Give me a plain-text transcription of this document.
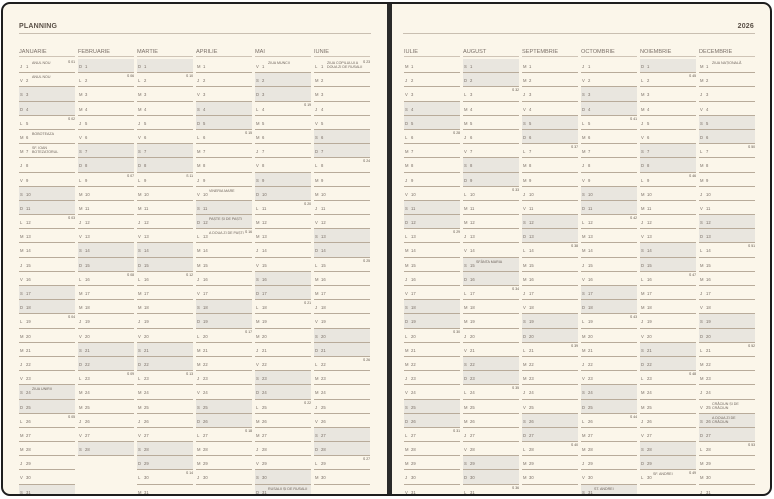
PLANNING	2026
JANUARIE
J 1
ANUL NOU	S 01
V 2
ANUL NOU
S 3
D 4
L 5
S 02
M 6
BOBOTEAZA
M 7
SF. IOAN BOTEZATORUL
J 8
V 9
S 10
D 11
L 12
S 03
M 13
M 14
J 15
V 16
S 17
D 18
L 19
S 04
M 20
M 21
J 22
V 23
S 24
ZIUA UNIRII
D 25
L 26
S 05
M 27
M 28
J 29
V 30
S 31
FEBRUARIE
D 1
L 2
S 06
M 3
M 4
J 5
V 6
S 7
D 8
L 9
S 07
M 10
M 11
J 12
V 13
S 14
D 15
L 16
S 08
M 17
M 18
J 19
V 20
S 21
D 22
L 23
S 09
M 24
M 25
J 26
V 27
S 28
MARTIE
D 1
L 2
S 10
M 3
M 4
J 5
V 6
S 7
D 8
L 9
S 11
M 10
M 11
J 12
V 13
S 14
D 15
L 16
S 12
M 17
M 18
J 19
V 20
S 21
D 22
L 23
S 13
M 24
M 25
J 26
V 27
S 28
D 29
L 30
S 14
M 31
APRILIE
M 1
J 2
V 3
S 4
D 5
L 6
S 15
M 7
M 8
J 9
V 10
VINERIA MARE
S 11
D 12
PAȘTE ȘI DE PAȘTI
L 13
A DOUA ZI DE PAȘTI S 16
M 14
M 15
J 16
V 17
S 18
D 19
L 20
S 17
M 21
M 22
J 23
V 24
S 25
D 26
L 27
S 18
M 28
M 29
J 30
MAI
V 1
ZIUA MUNCII
S 2
D 3
L 4
S 19
M 5
M 6
J 7
V 8
S 9
D 10
L 11
S 20
M 12
M 13
J 14
V 15
S 16
D 17
L 18
S 21
M 19
M 20
J 21
V 22
S 23
D 24
L 25
S 22
M 26
M 27
J 28
V 29
S 30
D 31
RUSALII ȘI DE RUSALII
IUNIE
L 1
ZIUA COPILULUI A DOUA ZI DE RUSALII
S 23
M 2
M 3
J 4
V 5
S 6
D 7
L 8
S 24
M 9
M 10
J 11
V 12
S 13
D 14
L 15
S 25
M 16
M 17
J 18
V 19
S 20
D 21
L 22
S 26
M 23
M 24
J 25
V 26
S 27
D 28
L 29
S 27
M 30
IULIE
M 1
J 2
V 3
S 4
D 5
L 6
S 28
M 7
M 8
J 9
V 10
S 11
D 12
L 13
S 29
M 14
M 15
J 16
V 17
S 18
D 19
L 20
S 30
M 21
M 22
J 23
V 24
S 25
D 26
L 27
S 31
M 28
M 29
J 30
V 31
AUGUST
S 1
D 2
L 3
S 32
M 4
M 5
J 6
V 7
S 8
D 9
L 10
S 33
M 11
M 12
J 13
V 14
S 15
SFÂNTA MARIA
D 16
L 17
S 34
M 18
M 19
J 20
V 21
S 22
D 23
L 24
S 35
M 25
M 26
J 27
V 28
S 29
D 30
L 31
S 36
SEPTEMBRIE
M 1
M 2
J 3
V 4
S 5
D 6
L 7
S 37
M 8
M 9
J 10
V 11
S 12
D 13
L 14
S 38
M 15
M 16
J 17
V 18
S 19
D 20
L 21
S 39
M 22
M 23
J 24
V 25
S 26
D 27
L 28
S 40
M 29
M 30
OCTOMBRIE
J 1
V 2
S 3
D 4
L 5
S 41
M 6
M 7
J 8
V 9
S 10
D 11
L 12
S 42
M 13
M 14
J 15
V 16
S 17
D 18
L 19
S 43
M 20
M 21
J 22
V 23
S 24
D 25
L 26
S 44
M 27
M 28
J 29
V 30
S 31
ST. ANDREI
NOIEMBRIE
D 1
L 2
S 45
M 3
M 4
J 5
V 6
S 7
D 8
L 9
S 46
M 10
M 11
J 12
V 13
S 14
D 15
L 16
S 47
M 17
M 18
J 19
V 20
S 21
D 22
L 23
S 48
M 24
M 25
J 26
V 27
S 28
D 29
L 30
SF. ANDREI	S 49
DECEMBRIE
M 1
ZIUA NAȚIONALĂ
M 2
J 3
V 4
S 5
D 6
L 7
S 50
M 8
M 9
J 10
V 11
S 12
D 13
L 14
S 51
M 15
M 16
J 17
V 18
S 19
D 20
L 21
S 52
M 22
M 23
J 24
V 25
CRĂCIUN ȘI DE CRĂCIUN
S 26
A DOUA ZI DE CRĂCIUN
D 27
L 28
S 53
M 29
M 30
J 31
